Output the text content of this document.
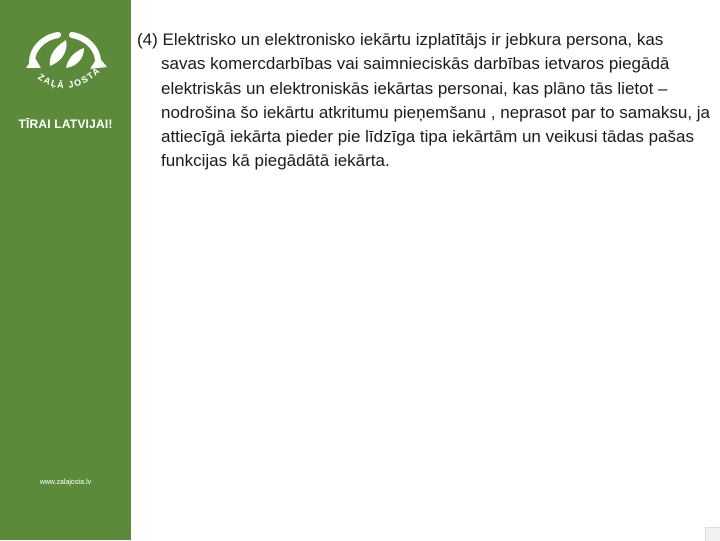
ZAĻĀ JOSTA
TĪRAI LATVIJAI!
www.zalajosta.lv

(4) Elektrisko un elektronisko iekārtu izplatītājs ir jebkura persona, kas savas komercdarbības vai saimnieciskās darbības ietvaros piegādā elektriskās un elektroniskās iekārtas personai, kas plāno tās lietot – nodrošina šo iekārtu atkritumu pieņemšanu , neprasot par to samaksu, ja attiecīgā iekārta pieder pie līdzīga tipa iekārtām un veikusi tādas pašas funkcijas kā piegādātā iekārta.
